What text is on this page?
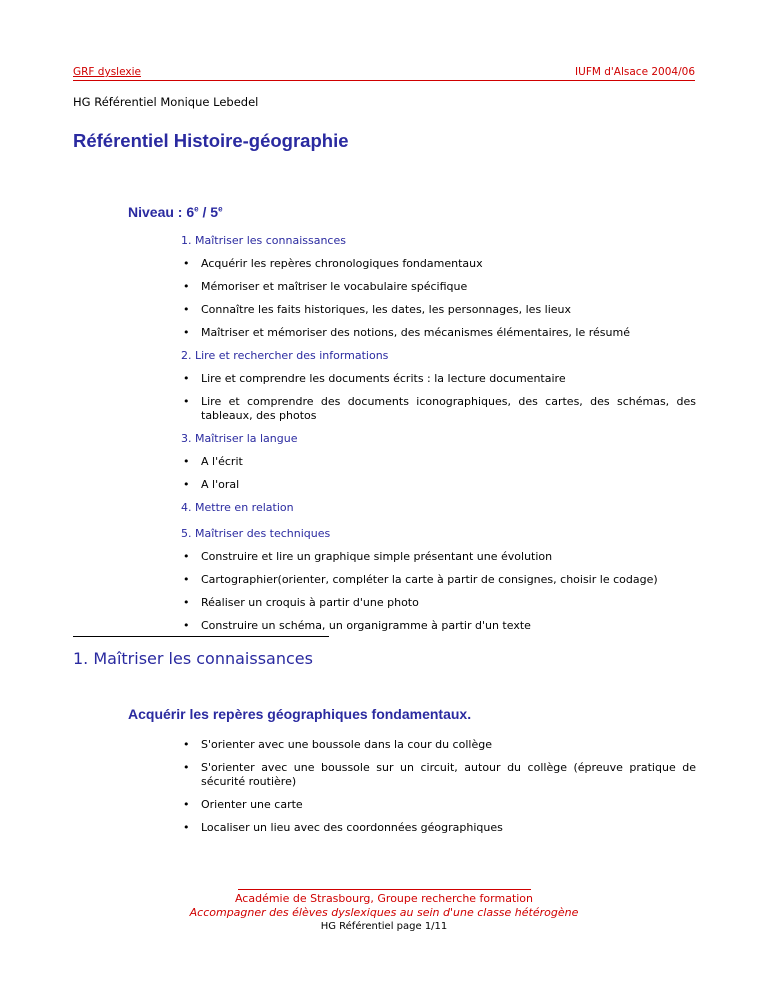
GRF dyslexie	IUFM d'Alsace 2004/06
HG Référentiel Monique Lebedel
Référentiel Histoire-géographie
Niveau : 6e / 5e
1. Maîtriser les connaissances
• Acquérir les repères chronologiques fondamentaux
• Mémoriser et maîtriser le vocabulaire spécifique
• Connaître les faits historiques, les dates, les personnages, les lieux
• Maîtriser et mémoriser des notions, des mécanismes élémentaires, le résumé
2. Lire et rechercher des informations
• Lire et comprendre les documents écrits : la lecture documentaire
• Lire et comprendre des documents iconographiques, des cartes, des schémas, des tableaux, des photos
3. Maîtriser la langue
• A l'écrit
• A l'oral
4. Mettre en relation
5. Maîtriser des techniques
• Construire et lire un graphique simple présentant une évolution
• Cartographier(orienter, compléter la carte à partir de consignes, choisir le codage)
• Réaliser un croquis à partir d'une photo
• Construire un schéma, un organigramme à partir d'un texte
1. Maîtriser les connaissances
Acquérir les repères géographiques fondamentaux.
• S'orienter avec une boussole dans la cour du collège
• S'orienter avec une boussole sur un circuit, autour du collège (épreuve pratique de sécurité routière)
• Orienter une carte
• Localiser un lieu avec des coordonnées géographiques
Académie de Strasbourg, Groupe recherche formation
Accompagner des élèves dyslexiques au sein d'une classe hétérogène
HG Référentiel page 1/11
